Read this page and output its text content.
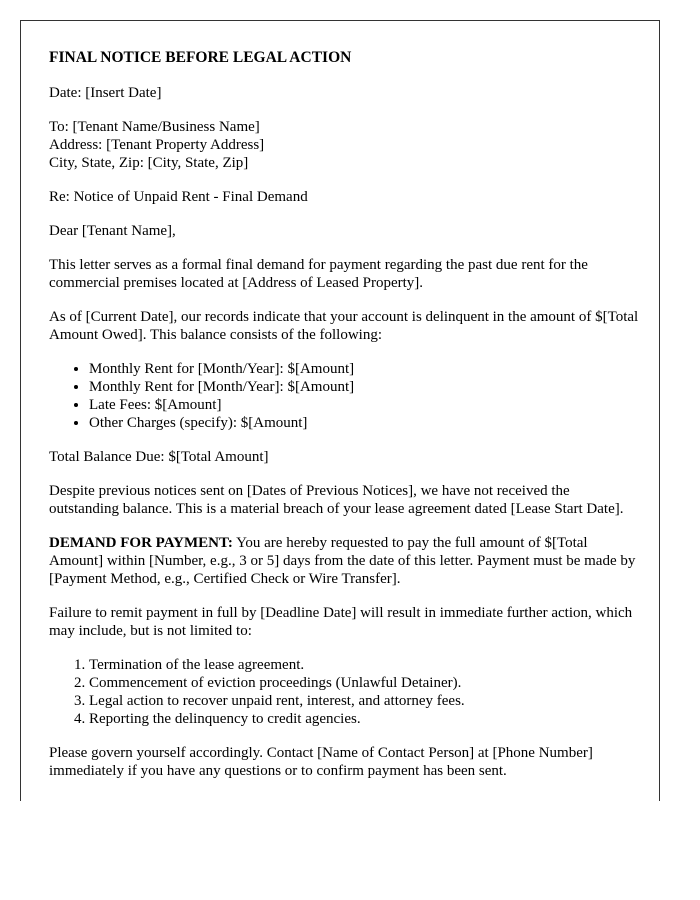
FINAL NOTICE BEFORE LEGAL ACTION

Date: [Insert Date]

To: [Tenant Name/Business Name]
Address: [Tenant Property Address]
City, State, Zip: [City, State, Zip]

Re: Notice of Unpaid Rent - Final Demand

Dear [Tenant Name],

This letter serves as a formal final demand for payment regarding the past due rent for the commercial premises located at [Address of Leased Property].

As of [Current Date], our records indicate that your account is delinquent in the amount of $[Total Amount Owed]. This balance consists of the following:

• Monthly Rent for [Month/Year]: $[Amount]
• Monthly Rent for [Month/Year]: $[Amount]
• Late Fees: $[Amount]
• Other Charges (specify): $[Amount]

Total Balance Due: $[Total Amount]

Despite previous notices sent on [Dates of Previous Notices], we have not received the outstanding balance. This is a material breach of your lease agreement dated [Lease Start Date].

DEMAND FOR PAYMENT: You are hereby requested to pay the full amount of $[Total Amount] within [Number, e.g., 3 or 5] days from the date of this letter. Payment must be made by [Payment Method, e.g., Certified Check or Wire Transfer].

Failure to remit payment in full by [Deadline Date] will result in immediate further action, which may include, but is not limited to:

1. Termination of the lease agreement.
2. Commencement of eviction proceedings (Unlawful Detainer).
3. Legal action to recover unpaid rent, interest, and attorney fees.
4. Reporting the delinquency to credit agencies.

Please govern yourself accordingly. Contact [Name of Contact Person] at [Phone Number] immediately if you have any questions or to confirm payment has been sent.
